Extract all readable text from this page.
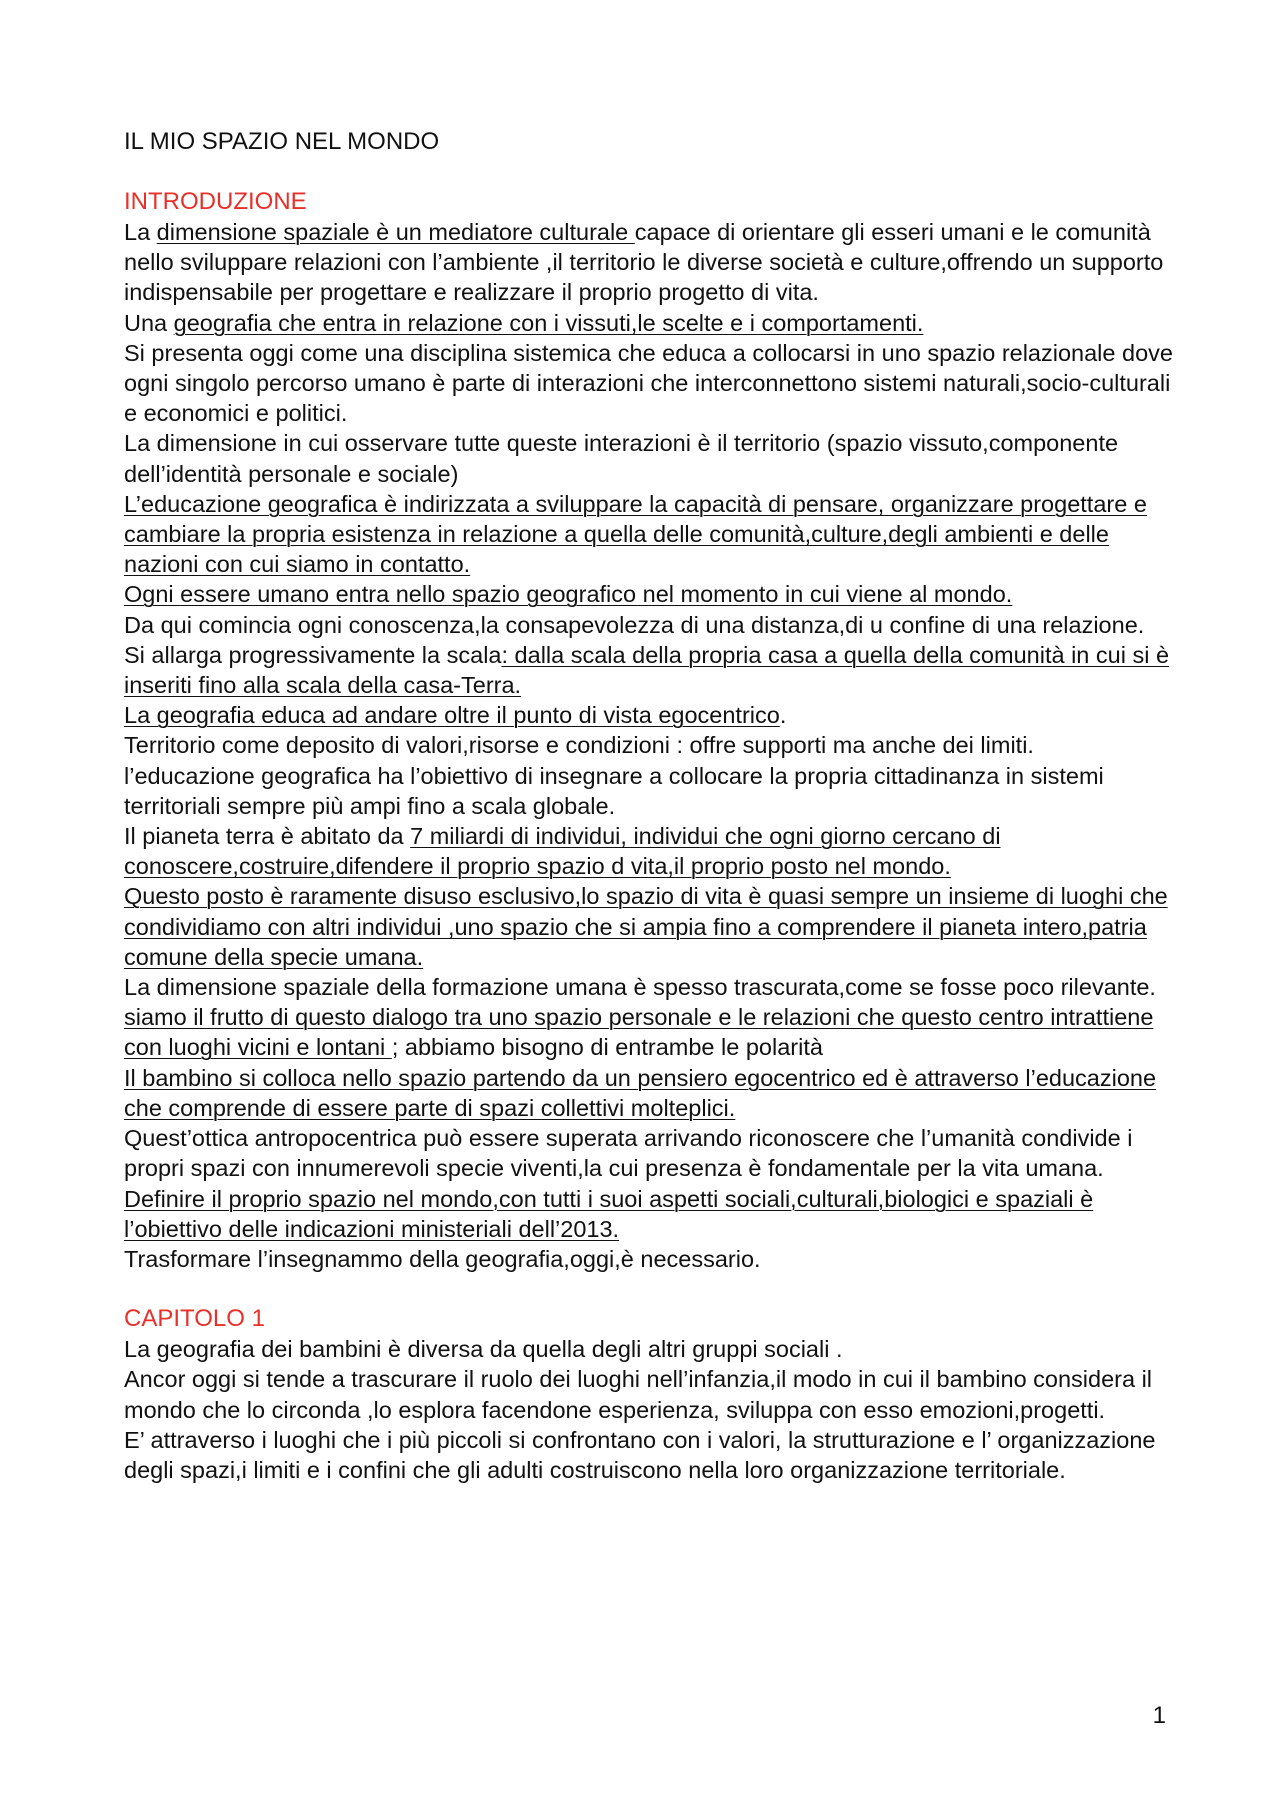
IL MIO SPAZIO NEL MONDO
INTRODUZIONE

La dimensione spaziale è un mediatore culturale capace di orientare gli esseri umani e le comunità nello sviluppare relazioni con l’ambiente ,il territorio le diverse società e culture,offrendo un supporto indispensabile per progettare e realizzare il proprio progetto di vita.

Una geografia che entra in relazione con i vissuti,le scelte e i comportamenti.

Si presenta oggi come una disciplina sistemica che educa a collocarsi in uno spazio relazionale dove ogni singolo percorso umano è parte di interazioni che interconnettono sistemi naturali,socio-culturali e economici e politici.

La dimensione in cui osservare tutte queste interazioni è il territorio (spazio vissuto,componente dell’identità personale e sociale)

L’educazione geografica è indirizzata a sviluppare la capacità di pensare, organizzare progettare e cambiare la propria esistenza in relazione a quella delle comunità,culture,degli ambienti e delle nazioni con cui siamo in contatto.

Ogni essere umano entra nello spazio geografico nel momento in cui viene al mondo.

Da qui comincia ogni conoscenza,la consapevolezza di una distanza,di u confine di una relazione.

Si allarga progressivamente la scala: dalla scala della propria casa a quella della comunità in cui si è inseriti fino alla scala della casa-Terra.

La geografia educa ad andare oltre il punto di vista egocentrico.

Territorio come deposito di valori,risorse e condizioni : offre supporti ma anche dei limiti.

l’educazione geografica ha l’obiettivo di insegnare a collocare la propria cittadinanza in sistemi territoriali sempre più ampi fino a scala globale.

Il pianeta terra è abitato da 7 miliardi di individui, individui che ogni giorno cercano di conoscere,costruire,difendere il proprio spazio d vita,il proprio posto nel mondo.

Questo posto è raramente disuso esclusivo,lo spazio di vita è quasi sempre un insieme di luoghi che condividiamo con altri individui ,uno spazio che si ampia fino a comprendere il pianeta intero,patria comune della specie umana.

La dimensione spaziale della formazione umana è spesso trascurata,come se fosse poco rilevante.

siamo il frutto di questo dialogo tra uno spazio personale e le relazioni che questo centro intrattiene con luoghi vicini e lontani ; abbiamo bisogno di entrambe le polarità

Il bambino si colloca nello spazio partendo da un pensiero egocentrico ed è attraverso l’educazione che comprende di essere parte di spazi collettivi molteplici.

Quest’ottica antropocentrica può essere superata arrivando riconoscere che l’umanità condivide i propri spazi con innumerevoli specie viventi,la cui presenza è fondamentale per la vita umana.

Definire il proprio spazio nel mondo,con tutti i suoi aspetti sociali,culturali,biologici e spaziali è l’obiettivo delle indicazioni ministeriali dell’2013.

Trasformare l’insegnammo della geografia,oggi,è necessario.

CAPITOLO 1

La geografia dei bambini è diversa da quella degli altri gruppi sociali .

Ancor oggi si tende a trascurare il ruolo dei luoghi nell’infanzia,il modo in cui il bambino considera il mondo che lo circonda ,lo esplora facendone esperienza, sviluppa con esso emozioni,progetti.

E’ attraverso i luoghi che i più piccoli si confrontano con i valori, la strutturazione e l’ organizzazione degli spazi,i limiti e i confini che gli adulti costruiscono nella loro organizzazione territoriale.

1
